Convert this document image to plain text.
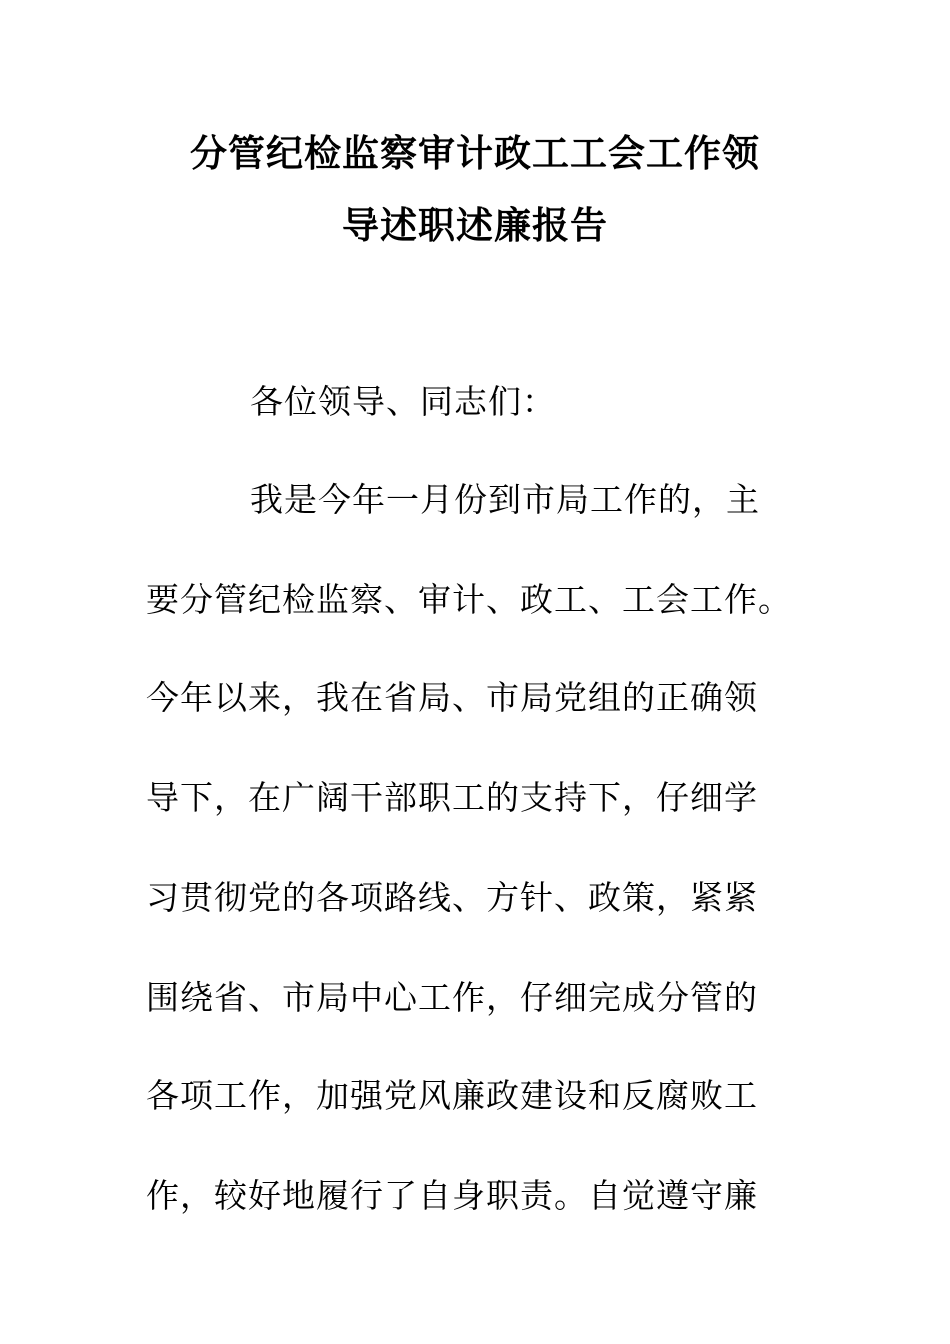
分管纪检监察审计政工工会工作领
导述职述廉报告

各位领导、同志们：

我是今年一月份到市局工作的，主

要分管纪检监察、审计、政工、工会工作。

今年以来，我在省局、市局党组的正确领

导下，在广阔干部职工的支持下，仔细学

习贯彻党的各项路线、方针、政策，紧紧

围绕省、市局中心工作，仔细完成分管的

各项工作，加强党风廉政建设和反腐败工

作，较好地履行了自身职责。自觉遵守廉
